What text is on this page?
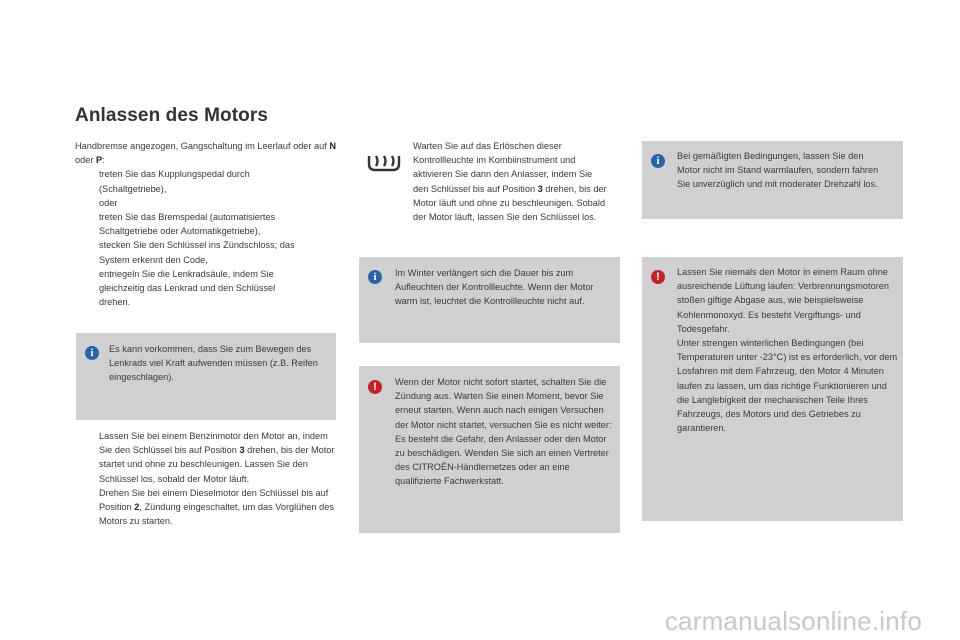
Anlassen des Motors
Handbremse angezogen, Gangschaltung im Leerlauf oder auf N oder P:
treten Sie das Kupplungspedal durch
(Schaltgetriebe),
oder
treten Sie das Bremspedal (automatisiertes
Schaltgetriebe oder Automatikgetriebe),
stecken Sie den Schlüssel ins Zündschloss; das
System erkennt den Code,
entriegeln Sie die Lenkradsäule, indem Sie
gleichzeitig das Lenkrad und den Schlüssel
drehen.
i	Es kann vorkommen, dass Sie zum Bewegen des Lenkrads viel Kraft aufwenden müssen (z.B. Reifen eingeschlagen).
Lassen Sie bei einem Benzinmotor den Motor an, indem Sie den Schlüssel bis auf Position 3 drehen, bis der Motor startet und ohne zu beschleunigen. Lassen Sie den Schlüssel los, sobald der Motor läuft.
Drehen Sie bei einem Dieselmotor den Schlüssel bis auf Position 2, Zündung eingeschaltet, um das Vorglühen des Motors zu starten.
Warten Sie auf das Erlöschen dieser Kontrollleuchte im Kombiinstrument und aktivieren Sie dann den Anlasser, indem Sie den Schlüssel bis auf Position 3 drehen, bis der Motor läuft und ohne zu beschleunigen. Sobald der Motor läuft, lassen Sie den Schlüssel los.
i	Im Winter verlängert sich die Dauer bis zum Aufleuchten der Kontrollleuchte. Wenn der Motor warm ist, leuchtet die Kontrollleuchte nicht auf.
!	Wenn der Motor nicht sofort startet, schalten Sie die Zündung aus. Warten Sie einen Moment, bevor Sie erneut starten. Wenn auch nach einigen Versuchen der Motor nicht startet, versuchen Sie es nicht weiter: Es besteht die Gefahr, den Anlasser oder den Motor zu beschädigen. Wenden Sie sich an einen Vertreter des CITROËN-Händlernetzes oder an eine qualifizierte Fachwerkstatt.
i	Bei gemäßigten Bedingungen, lassen Sie den Motor nicht im Stand warmlaufen, sondern fahren Sie unverzüglich und mit moderater Drehzahl los.
!	Lassen Sie niemals den Motor in einem Raum ohne ausreichende Lüftung laufen: Verbrennungsmotoren stoßen giftige Abgase aus, wie beispielsweise Kohlenmonoxyd. Es besteht Vergiftungs- und Todesgefahr.
Unter strengen winterlichen Bedingungen (bei Temperaturen unter -23°C) ist es erforderlich, vor dem Losfahren mit dem Fahrzeug, den Motor 4 Minuten laufen zu lassen, um das richtige Funktionieren und die Langlebigkeit der mechanischen Teile Ihres Fahrzeugs, des Motors und des Getriebes zu garantieren.
carmanualsonline.info
